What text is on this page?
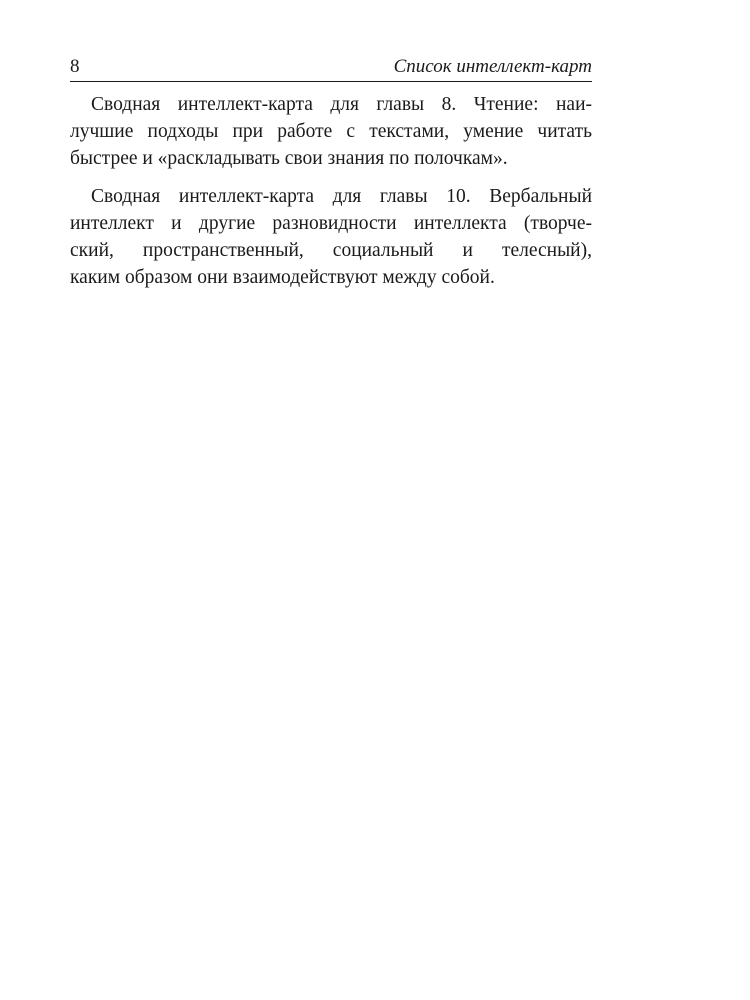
8	Список интеллект-карт

Сводная интеллект-карта для главы 8. Чтение: наи-
лучшие подходы при работе с текстами, умение читать
быстрее и «раскладывать свои знания по полочкам».

Сводная интеллект-карта для главы 10. Вербальный
интеллект и другие разновидности интеллекта (творче-
ский, пространственный, социальный и телесный),
каким образом они взаимодействуют между собой.
